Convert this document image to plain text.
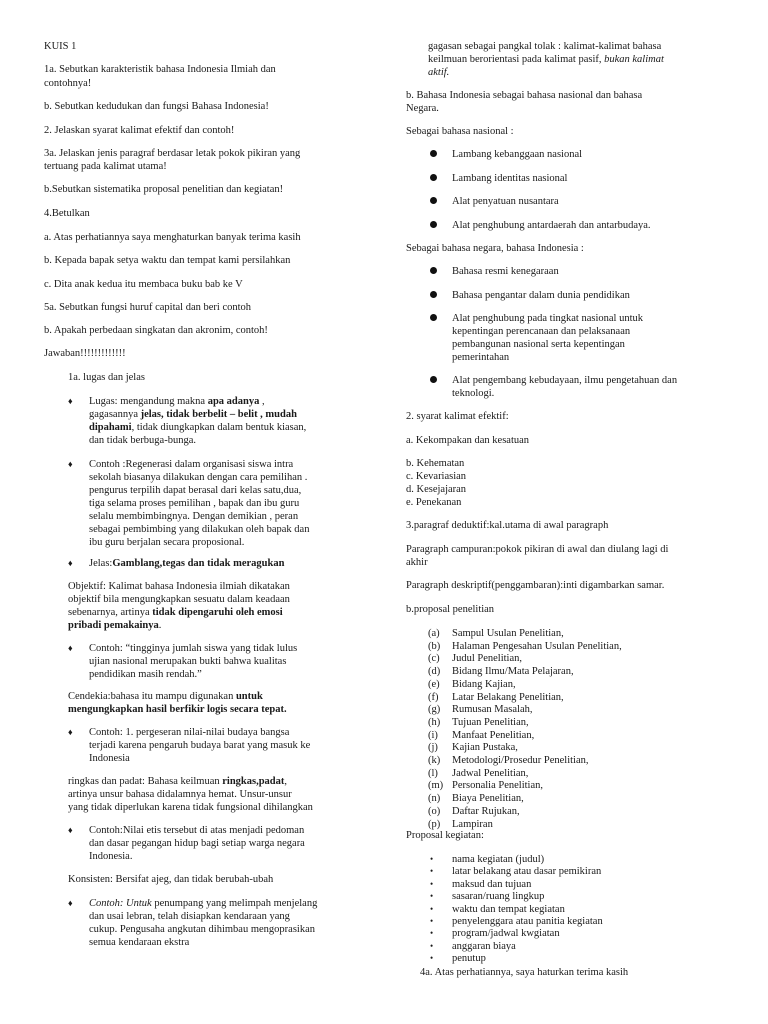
KUIS 1

1a. Sebutkan karakteristik bahasa Indonesia Ilmiah dan

contohnya!

b. Sebutkan kedudukan dan fungsi Bahasa Indonesia!

2. Jelaskan syarat kalimat efektif dan contoh!

3a. Jelaskan jenis paragraf berdasar letak pokok pikiran yang

tertuang pada kalimat utama!

b.Sebutkan sistematika proposal penelitian dan kegiatan!

4.Betulkan

a. Atas perhatiannya saya menghaturkan banyak terima kasih

b. Kepada bapak setya waktu dan tempat kami persilahkan

c. Dita anak kedua itu membaca buku bab ke V

5a. Sebutkan fungsi huruf capital dan beri contoh

b. Apakah perbedaan singkatan dan akronim, contoh!

Jawaban!!!!!!!!!!!!!

1a. lugas dan jelas

♦ Lugas: mengandung makna apa adanya ,

gagasannya jelas, tidak berbelit – belit , mudah

dipahami, tidak diungkapkan dalam bentuk kiasan,

dan tidak berbuga-bunga.

♦ Contoh :Regenerasi dalam organisasi siswa intra

sekolah biasanya dilakukan dengan cara pemilihan .

pengurus terpilih dapat berasal dari kelas satu,dua,

tiga selama proses pemilihan , bapak dan ibu guru

selalu membimbingnya. Dengan demikian , peran

sebagai pembimbing yang dilakukan oleh bapak dan

ibu guru berjalan secara proposional.

♦ Jelas:Gamblang,tegas dan tidak meragukan

Objektif: Kalimat bahasa Indonesia ilmiah dikatakan

objektif bila mengungkapkan sesuatu dalam keadaan

sebenarnya, artinya tidak dipengaruhi oleh emosi

pribadi pemakainya.

♦ Contoh: “tingginya jumlah siswa yang tidak lulus

ujian nasional merupakan bukti bahwa kualitas

pendidikan masih rendah.”

Cendekia:bahasa itu mampu digunakan untuk

mengungkapkan hasil berfikir logis secara tepat.

♦ Contoh: 1. pergeseran nilai-nilai budaya bangsa

terjadi karena pengaruh budaya barat yang masuk ke

Indonesia

ringkas dan padat: Bahasa keilmuan ringkas,padat,

artinya unsur bahasa didalamnya hemat. Unsur-unsur

yang tidak diperlukan karena tidak fungsional dihilangkan

♦ Contoh:Nilai etis tersebut di atas menjadi pedoman

dan dasar pegangan hidup bagi setiap warga negara

Indonesia.

Konsisten: Bersifat ajeg, dan tidak berubah-ubah

♦ Contoh: Untuk penumpang yang melimpah menjelang

dan usai lebran, telah disiapkan kendaraan yang

cukup. Pengusaha angkutan dihimbau mengoprasikan

semua kendaraan ekstra

gagasan sebagai pangkal tolak : kalimat-kalimat bahasa

keilmuan berorientasi pada kalimat pasif, bukan kalimat

aktif.

b. Bahasa Indonesia sebagai bahasa nasional dan bahasa

Negara.

Sebagai bahasa nasional :

Lambang kebanggaan nasional

Lambang identitas nasional

Alat penyatuan nusantara

Alat penghubung antardaerah dan antarbudaya.

Sebagai bahasa negara, bahasa Indonesia :

Bahasa resmi kenegaraan

Bahasa pengantar dalam dunia pendidikan

Alat penghubung pada tingkat nasional untuk

kepentingan perencanaan dan pelaksanaan

pembangunan nasional serta kepentingan

pemerintahan

Alat pengembang kebudayaan, ilmu pengetahuan dan

teknologi.

2. syarat kalimat efektif:

a. Kekompakan dan kesatuan

b. Kehematan

c. Kevariasian

d. Kesejajaran

e. Penekanan

3.paragraf deduktif:kal.utama di awal paragraph

Paragraph campuran:pokok pikiran di awal dan diulang lagi di

akhir

Paragraph deskriptif(penggambaran):inti digambarkan samar.

b.proposal penelitian

(a) Sampul Usulan Penelitian,

(b) Halaman Pengesahan Usulan Penelitian,

(c) Judul Penelitian,

(d) Bidang Ilmu/Mata Pelajaran,

(e) Bidang Kajian,

(f) Latar Belakang Penelitian,

(g) Rumusan Masalah,

(h) Tujuan Penelitian,

(i) Manfaat Penelitian,

(j) Kajian Pustaka,

(k) Metodologi/Prosedur Penelitian,

(l) Jadwal Penelitian,

(m) Personalia Penelitian,

(n) Biaya Penelitian,

(o) Daftar Rujukan,

(p) Lampiran

Proposal kegiatan:

• nama kegiatan (judul)

• latar belakang atau dasar pemikiran

• maksud dan tujuan

• sasaran/ruang lingkup

• waktu dan tempat kegiatan

• penyelenggara atau panitia kegiatan

• program/jadwal kwgiatan

• anggaran biaya

• penutup

4a. Atas perhatiannya, saya haturkan terima kasih
